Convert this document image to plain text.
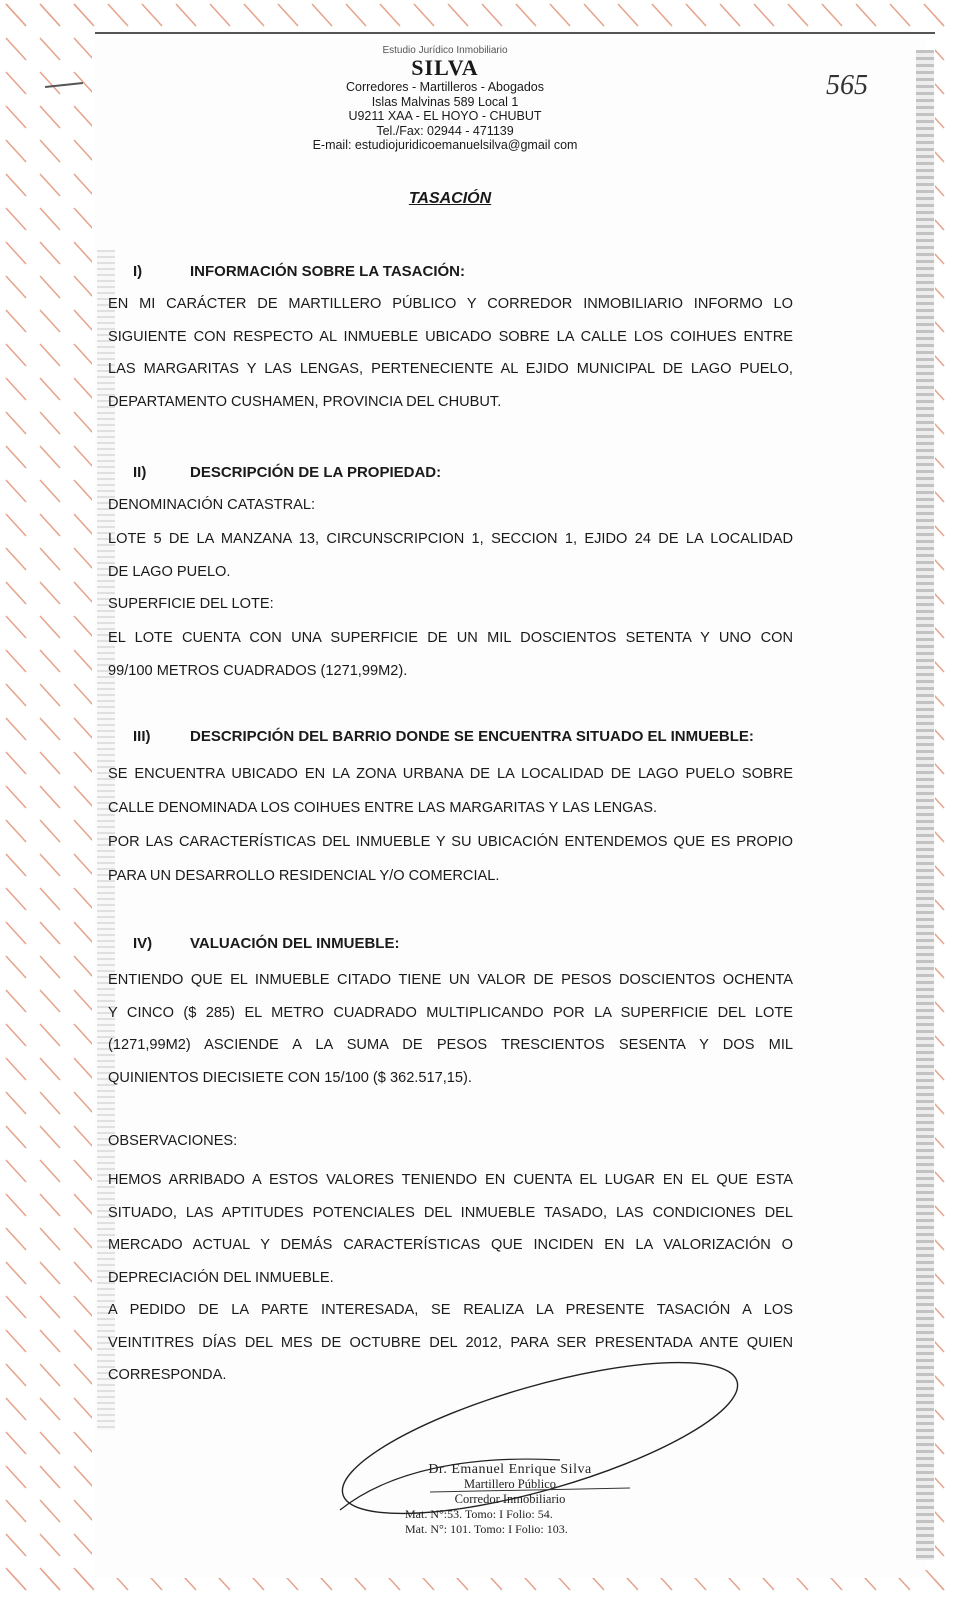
565
Estudio Jurídico Inmobiliario
SILVA
Corredores - Martilleros - Abogados
Islas Malvinas 589 Local 1
U9211 XAA - EL HOYO - CHUBUT
Tel./Fax: 02944 - 471139
E-mail: estudiojuridicoemanuelsilva@gmail com
TASACIÓN
I)	INFORMACIÓN SOBRE LA TASACIÓN:
EN MI CARÁCTER DE MARTILLERO PÚBLICO Y CORREDOR INMOBILIARIO INFORMO LO
SIGUIENTE CON RESPECTO AL INMUEBLE UBICADO SOBRE LA CALLE LOS COIHUES ENTRE
LAS MARGARITAS Y LAS LENGAS, PERTENECIENTE AL EJIDO MUNICIPAL DE LAGO PUELO,
DEPARTAMENTO CUSHAMEN, PROVINCIA DEL CHUBUT.
II)	DESCRIPCIÓN DE LA PROPIEDAD:
DENOMINACIÓN CATASTRAL:
LOTE 5 DE LA MANZANA 13, CIRCUNSCRIPCION 1, SECCION 1, EJIDO 24 DE LA LOCALIDAD
DE LAGO PUELO.
SUPERFICIE DEL LOTE:
EL LOTE CUENTA CON UNA SUPERFICIE DE UN MIL DOSCIENTOS SETENTA Y UNO CON
99/100 METROS CUADRADOS (1271,99M2).
III)	DESCRIPCIÓN DEL BARRIO DONDE SE ENCUENTRA SITUADO EL INMUEBLE:
SE ENCUENTRA UBICADO EN LA ZONA URBANA DE LA LOCALIDAD DE LAGO PUELO SOBRE
CALLE DENOMINADA LOS COIHUES ENTRE LAS MARGARITAS Y LAS LENGAS.
POR LAS CARACTERÍSTICAS DEL INMUEBLE Y SU UBICACIÓN ENTENDEMOS QUE ES PROPIO
PARA UN DESARROLLO RESIDENCIAL Y/O COMERCIAL.
IV)	VALUACIÓN DEL INMUEBLE:
ENTIENDO QUE EL INMUEBLE CITADO TIENE UN VALOR DE PESOS DOSCIENTOS OCHENTA
Y CINCO ($ 285) EL METRO CUADRADO MULTIPLICANDO POR LA SUPERFICIE DEL LOTE
(1271,99M2) ASCIENDE A LA SUMA DE PESOS TRESCIENTOS SESENTA Y DOS MIL
QUINIENTOS DIECISIETE CON 15/100 ($ 362.517,15).
OBSERVACIONES:
HEMOS ARRIBADO A ESTOS VALORES TENIENDO EN CUENTA EL LUGAR EN EL QUE ESTA
SITUADO, LAS APTITUDES POTENCIALES DEL INMUEBLE TASADO, LAS CONDICIONES DEL
MERCADO ACTUAL Y DEMÁS CARACTERÍSTICAS QUE INCIDEN EN LA VALORIZACIÓN O
DEPRECIACIÓN DEL INMUEBLE.
A PEDIDO DE LA PARTE INTERESADA, SE REALIZA LA PRESENTE TASACIÓN A LOS
VEINTITRES DÍAS DEL MES DE OCTUBRE DEL 2012, PARA SER PRESENTADA ANTE QUIEN
CORRESPONDA.
Dr. Emanuel Enrique Silva
Martillero Público
Corredor Inmobiliario
Mat. N°:53. Tomo: I Folio: 54.
Mat. N°: 101. Tomo: I Folio: 103.
